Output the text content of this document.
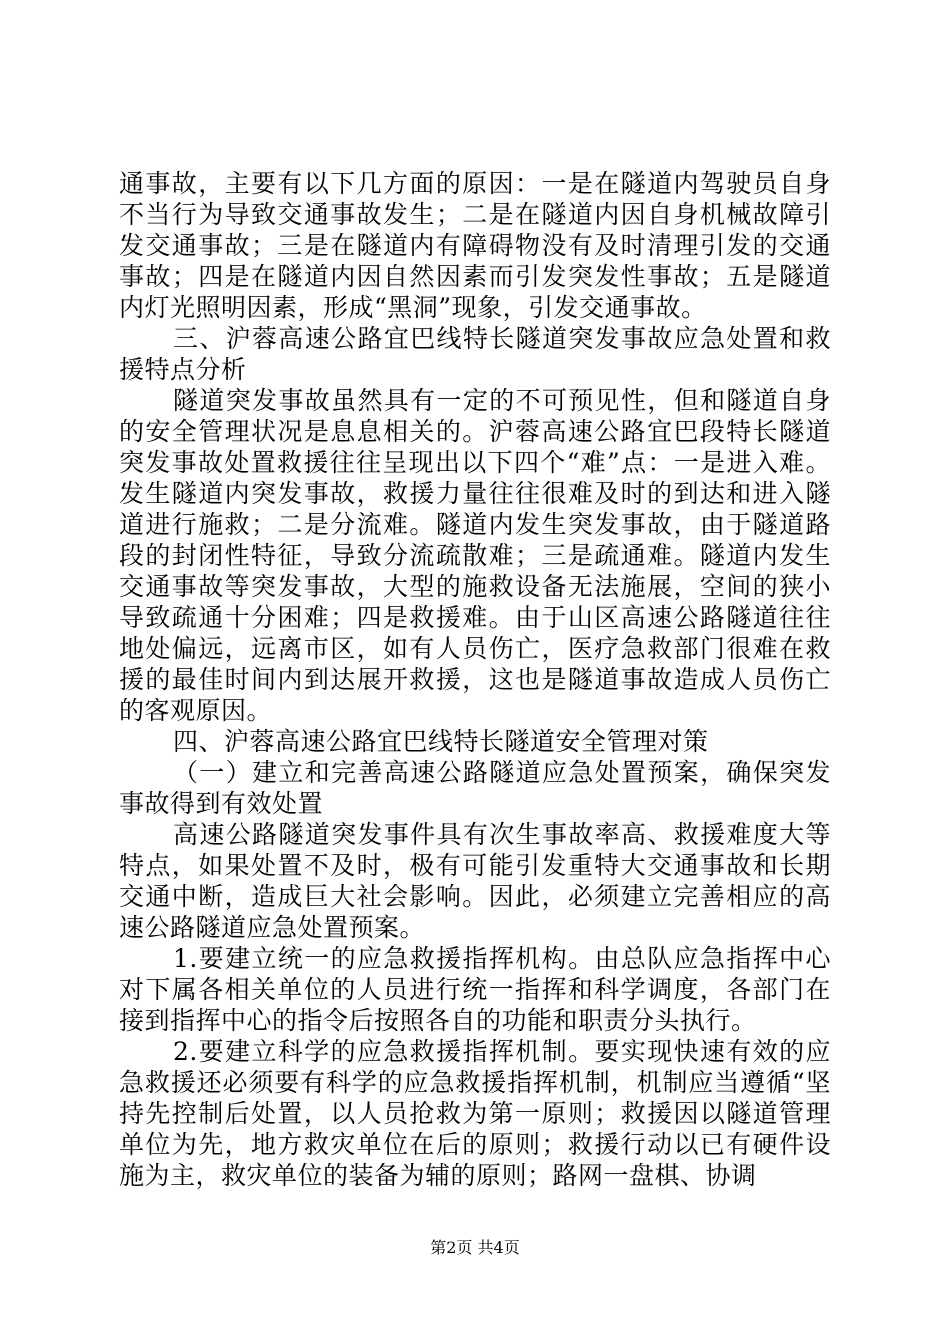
通事故，主要有以下几方面的原因：一是在隧道内驾驶员自身不当行为导致交通事故发生；二是在隧道内因自身机械故障引发交通事故；三是在隧道内有障碍物没有及时清理引发的交通事故；四是在隧道内因自然因素而引发突发性事故；五是隧道内灯光照明因素，形成“黑洞”现象，引发交通事故。

三、沪蓉高速公路宜巴线特长隧道突发事故应急处置和救援特点分析

隧道突发事故虽然具有一定的不可预见性，但和隧道自身的安全管理状况是息息相关的。沪蓉高速公路宜巴段特长隧道突发事故处置救援往往呈现出以下四个“难”点：一是进入难。发生隧道内突发事故，救援力量往往很难及时的到达和进入隧道进行施救；二是分流难。隧道内发生突发事故，由于隧道路段的封闭性特征，导致分流疏散难；三是疏通难。隧道内发生交通事故等突发事故，大型的施救设备无法施展，空间的狭小导致疏通十分困难；四是救援难。由于山区高速公路隧道往往地处偏远，远离市区，如有人员伤亡，医疗急救部门很难在救援的最佳时间内到达展开救援，这也是隧道事故造成人员伤亡的客观原因。

四、沪蓉高速公路宜巴线特长隧道安全管理对策

（一）建立和完善高速公路隧道应急处置预案，确保突发事故得到有效处置

高速公路隧道突发事件具有次生事故率高、救援难度大等特点，如果处置不及时，极有可能引发重特大交通事故和长期交通中断，造成巨大社会影响。因此，必须建立完善相应的高速公路隧道应急处置预案。

1.要建立统一的应急救援指挥机构。由总队应急指挥中心对下属各相关单位的人员进行统一指挥和科学调度，各部门在接到指挥中心的指令后按照各自的功能和职责分头执行。

2.要建立科学的应急救援指挥机制。要实现快速有效的应急救援还必须要有科学的应急救援指挥机制，机制应当遵循“坚持先控制后处置，以人员抢救为第一原则；救援因以隧道管理单位为先，地方救灾单位在后的原则；救援行动以已有硬件设施为主，救灾单位的装备为辅的原则；路网一盘棋、协调

第2页 共4页
